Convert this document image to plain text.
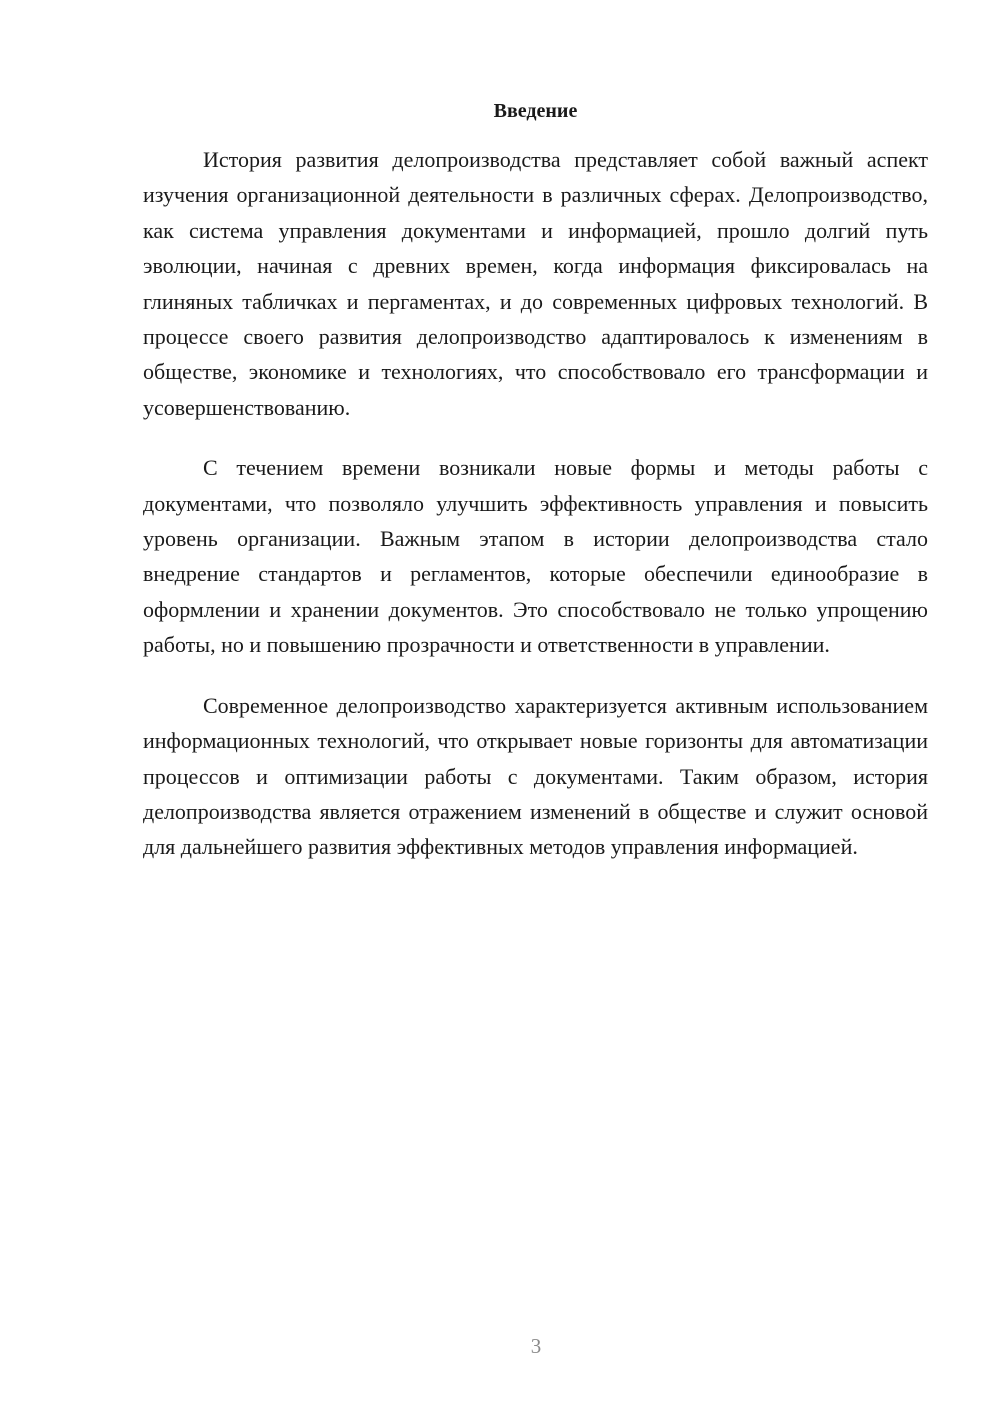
Введение

История развития делопроизводства представляет собой важный аспект изучения организационной деятельности в различных сферах. Делопроизводство, как система управления документами и информацией, прошло долгий путь эволюции, начиная с древних времен, когда информация фиксировалась на глиняных табличках и пергаментах, и до современных цифровых технологий. В процессе своего развития делопроизводство адаптировалось к изменениям в обществе, экономике и технологиях, что способствовало его трансформации и усовершенствованию.

С течением времени возникали новые формы и методы работы с документами, что позволяло улучшить эффективность управления и повысить уровень организации. Важным этапом в истории делопроизводства стало внедрение стандартов и регламентов, которые обеспечили единообразие в оформлении и хранении документов. Это способствовало не только упрощению работы, но и повышению прозрачности и ответственности в управлении.

Современное делопроизводство характеризуется активным использованием информационных технологий, что открывает новые горизонты для автоматизации процессов и оптимизации работы с документами. Таким образом, история делопроизводства является отражением изменений в обществе и служит основой для дальнейшего развития эффективных методов управления информацией.

3
